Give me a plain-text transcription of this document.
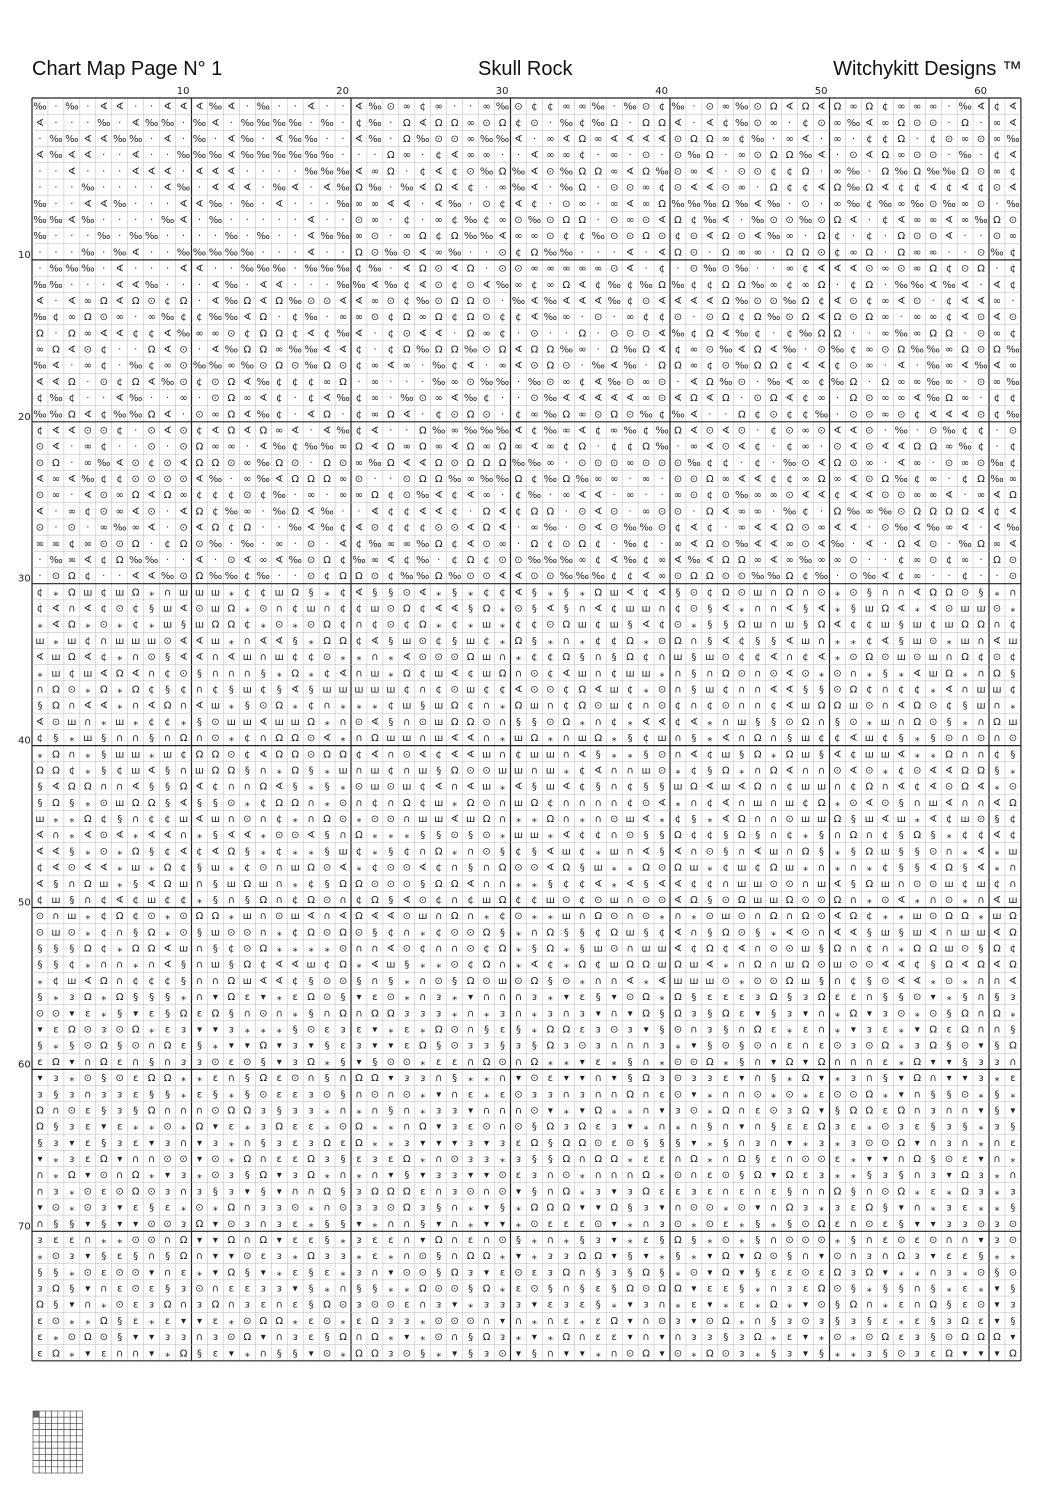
Chart Map Page N° 1	Skull Rock	Witchykitt Designs ™
‰ · ‰ · ∢ ∢ · · ∢ ∢ ∢ ‰ ∢ · ‰ · · ∢ · · ∢ ‰ ⊙ ∞ ¢ ∞ · · ∞ ‰ ⊙ ¢ ¢ ∞ ∞ ‰ · ‰ ⊙ ¢ ‰ · ⊙ ∞ ‰ ⊙ Ω ∢ Ω ∢ Ω ∞ Ω ¢ ∞ ∞ ∞ · ‰ ∢ ¢ ∢
∢ · · · ‰ · ∢ ‰ ‰ · ‰ ∢ · ‰ ‰ ‰ ‰ · ‰ · ¢ ‰ · Ω ∢ Ω Ω ∞ ⊙ Ω ¢ ⊙ · ‰ ¢ ‰ Ω · Ω Ω ∢ · ∢ ¢ ‰ ⊙ ∞ · ¢ ⊙ ∞ ‰ ∢ ∞ Ω ⊙ ⊙ · Ω · ∞ ∢
· ‰ ‰ ∢ ∢ ‰ ‰ · ∢ · ‰ · ∢ ‰ · ∢ ‰ ‰ · · ∢ ‰ · Ω ‰ ⊙ ⊙ ∞ ‰ ‰ ∢ · ∞ ∢ Ω ∞ ∢ ∢ ∢ ∢ ⊙ Ω Ω ∞ ¢ ‰ · ∞ ∢ · ∞ · ¢ ¢ Ω · ¢ ⊙ ∞ ⊙ ∞ ‰
∢ ‰ ∢ ∢ · · ∢ · · ‰ ‰ ‰ ∢ ‰ ‰ ‰ ‰ ‰ ‰ · · · Ω ∞ · ¢ ∢ ∞ ∞ · · ∢ ∞ ∞ ¢ · ∞ · ⊙ · ⊙ ‰ Ω · ∞ ⊙ Ω Ω ‰ ∢ · ⊙ ∢ Ω ∞ ⊙ ⊙ · ‰ · ¢ ∢
· · ∢ · · · ∢ ∢ ∢ · ∢ ∢ ∢ · · · · ‰ ‰ ‰ ∢ ∞ Ω · ¢ ∢ ¢ ⊙ ‰ Ω ‰ ∢ ⊙ ‰ Ω Ω ∞ ∢ Ω ‰ ⊙ ∞ ∢ · ⊙ ⊙ ¢ ¢ Ω · ∞ ‰ · Ω ‰ Ω ‰ ‰ Ω ⊙ ∞ ¢
· · · ‰ · · · · ∢ ‰ · ∢ ∢ ∢ · ‰ ∢ · ∢ ‰ Ω ‰ · ‰ ∢ Ω ∢ ¢ · ∞ ‰ ∢ · ‰ Ω · ⊙ ⊙ ∞ ¢ ⊙ ∢ ∢ ⊙ ∞ · Ω ¢ ¢ ∢ Ω ‰ Ω ∢ ¢ ¢ ∢ ¢ ∢ ¢ ⊙ ∢
‰ · · ∢ ∢ ‰ · · · ∢ ∢ ‰ · ‰ · ∢ · · · ‰ ∞ ∞ ∢ ∢ · ∢ ‰ · ⊙ ¢ ∢ ¢ · ⊙ ∞ · ∞ ∢ ∞ Ω ‰ ‰ ‰ Ω ‰ ∢ ‰ · ⊙ · ∞ ‰ ¢ ‰ ∞ ‰ ⊙ ‰ ∞ ⊙ · ‰
‰ ‰ ∢ ‰ · · · · ‰ ∢ · ‰ · · · · · ∢ · · ⊙ ∞ · ¢ · ∞ ¢ ‰ ¢ ∞ ⊙ ‰ ⊙ Ω Ω · ⊙ ∞ ⊙ ∢ Ω ¢ ‰ ∢ · ‰ ⊙ ⊙ ‰ ⊙ Ω ∢ · ¢ ∢ ∞ ∞ ∢ ∞ ‰ Ω ⊙
‰ · · · ‰ · ‰ ‰ · · · · ‰ · ‰ · · ∢ ‰ ‰ ∞ ⊙ · ∞ Ω ¢ Ω ‰ ‰ ∢ ∞ ∞ ⊙ ¢ ¢ ‰ ⊙ ⊙ Ω ⊙ ¢ ⊙ ∢ Ω ⊙ ∢ ‰ ∞ · Ω ¢ · ¢ · Ω ⊙ ⊙ ∢ · · ⊙ ∞
· · · ‰ · ‰ ∢ · · ‰ ‰ ‰ ‰ ‰ · · · ∢ · · Ω ⊙ ‰ ⊙ ∢ ∞ ‰ · · ⊙ ¢ Ω ‰ ‰ · · · ∢ · ∢ Ω ⊙ · Ω ∞ ∞ · Ω Ω ⊙ ¢ ∞ Ω · Ω ∞ ∞ · · ⊙ ‰ ¢
· ‰ ‰ ‰ · ∢ · · · ∢ ∢ · · ‰ ‰ ‰ · ‰ ‰ ‰ ¢ ‰ · ∢ Ω ⊙ ∢ Ω · ⊙ ⊙ ∞ ∞ ∞ ∞ ∞ ⊙ ∢ · ¢ · ⊙ ‰ ⊙ ‰ · · ∞ ¢ ∢ ∢ ∢ ⊙ ∞ ⊙ ∞ Ω ¢ ⊙ Ω · ¢
‰ ‰ · · · ∢ ∢ ‰ · · · ∢ ‰ · ∢ ∢ · · · ‰ ‰ ∢ ‰ ¢ ∢ ⊙ ¢ ⊙ ∢ ‰ ∞ ¢ ∞ Ω ∢ ¢ ‰ ¢ ‰ Ω ‰ ¢ ¢ Ω Ω ‰ ∞ ¢ ∞ Ω · ¢ Ω · ‰ ‰ ∢ ‰ ∢ · ∢ ¢
∢ · ∢ ∞ Ω ∢ Ω ⊙ ¢ Ω · ∢ ‰ Ω ∢ Ω ‰ ⊙ ⊙ ∢ ∢ ∞ ⊙ ¢ ‰ ⊙ Ω Ω ⊙ · ‰ ∢ ‰ ∢ ∢ ∢ ‰ ¢ ⊙ ∢ ∢ ∢ ∢ Ω ‰ ⊙ ⊙ ‰ Ω ¢ ∢ ⊙ ¢ ∞ ∢ ⊙ · ¢ ∢ ∢ ∞ ·
‰ ¢ ∞ Ω ⊙ ∞ · ∞ ‰ ¢ ¢ ‰ ‰ ∢ Ω · ¢ ‰ · ∞ ∞ ⊙ ¢ Ω ∞ Ω ¢ Ω ⊙ ¢ ¢ ∢ ‰ ∞ · ⊙ · ∞ ¢ ¢ ⊙ · ⊙ Ω ¢ Ω ‰ ⊙ Ω ∢ Ω ⊙ Ω ∞ · ∞ ∞ ¢ ∢ ⊙ ∢ ⊙
Ω · Ω ∞ ∢ ∢ ¢ ¢ ∢ ‰ ∞ ∞ ⊙ ¢ Ω Ω ¢ ∢ ¢ ‰ ∢ · ¢ ⊙ ∢ ∢ · Ω ∞ ¢ · ⊙ · · Ω · ⊙ ⊙ ⊙ ∢ ‰ ¢ Ω ∢ ‰ ¢ · ¢ ‰ Ω Ω · · ∞ ‰ ∞ Ω Ω · ⊙ ∞ ¢
∞ Ω ∢ ⊙ ¢ · · Ω ∢ ⊙ · ∢ ‰ Ω Ω ∞ ‰ ‰ ∢ ∢ ¢ · ¢ Ω ‰ Ω Ω ‰ ⊙ Ω ∢ Ω Ω ‰ ∞ · Ω ‰ Ω ∢ ¢ ∞ ⊙ ‰ ∢ Ω ∢ ‰ · ⊙ ‰ ¢ ∞ ⊙ Ω ‰ ‰ ∞ Ω ⊙ Ω ‰
‰ ∢ · ∞ ¢ · ‰ ¢ ∞ ⊙ ‰ ‰ ∞ ‰ ⊙ Ω ⊙ ‰ Ω ⊙ ¢ ∞ ∢ ∞ · ‰ ¢ ∢ · ∞ ∢ ⊙ Ω ⊙ · ‰ ∢ ‰ · Ω Ω ∞ ¢ ⊙ ‰ Ω Ω ¢ ∢ ∢ ¢ ⊙ ∞ · ∢ · ‰ ∞ ∢ ‰ ∢ ∞
∢ ∢ Ω · ⊙ ¢ Ω ∢ ‰ ⊙ ¢ ⊙ Ω ∢ ‰ ¢ ¢ ¢ ∞ Ω · ∞ · · · ‰ ∞ ⊙ ‰ ‰ · ‰ ⊙ ∞ ¢ ∢ ‰ ⊙ ∞ ⊙ · ∢ Ω ‰ ⊙ · ‰ ∢ ∞ ¢ ‰ Ω · Ω ∞ ∞ ‰ ∞ · ⊙ ∞ ‰
¢ ‰ ¢ · · ∢ ‰ · · ∞ · ⊙ Ω ∞ ∢ ¢ · ¢ ∢ ‰ ¢ ∞ · ‰ ⊙ ∞ ∢ ‰ ¢ · · ⊙ ‰ ∢ ∢ ∢ ∢ ∢ ∞ ⊙ ∢ Ω ∢ Ω · ⊙ Ω ∢ ¢ ∞ · Ω ⊙ ∞ ∞ ∢ ‰ Ω ∞ · ¢ ¢
‰ ‰ Ω ∢ ¢ ‰ ‰ Ω ∢ · ⊙ ∞ Ω ∢ ‰ ¢ · ∢ Ω · ¢ ∞ Ω ∢ · ¢ ⊙ Ω ⊙ · ¢ ∞ ‰ Ω ∞ ⊙ Ω ⊙ ‰ ¢ ‰ ∢ · · Ω ¢ ⊙ ¢ ¢ ‰ · ⊙ ⊙ ∞ ⊙ ¢ ∢ ∢ ∢ ⊙ ¢ ‰
¢ ∢ ∢ ⊙ ⊙ ¢ · ⊙ ∢ ⊙ ¢ ∢ Ω ∢ Ω ∞ ∢ · ∢ ‰ ¢ ∢ · · Ω ‰ ∞ ‰ ‰ ‰ ∢ ¢ ‰ ∞ ∢ ¢ ∞ ‰ ¢ ‰ Ω ∢ ⊙ ∢ ⊙ · ¢ ⊙ ∞ ⊙ ∢ ∢ ⊙ · ‰ · ⊙ ‰ ¢ ¢ · ⊙
⊙ ∢ · ∞ ¢ · · ⊙ · ⊙ Ω ∞ ∞ · ∢ ‰ ¢ ‰ ‰ ∞ Ω ∢ Ω ∞ Ω ∞ ∢ Ω ∞ Ω ∞ ∢ ∞ ¢ Ω · ¢ ¢ Ω ‰ · ∞ ∢ ⊙ ∢ ¢ · ¢ ∞ · ⊙ ∢ ⊙ ∢ ∢ Ω Ω ∞ ‰ ¢ · ¢
⊙ Ω · ∞ ‰ ∢ ⊙ ¢ ⊙ ∢ Ω Ω ⊙ ∞ ‰ Ω ⊙ · Ω ⊙ ∞ ‰ Ω ∢ ∢ Ω ⊙ Ω Ω Ω ‰ ‰ ∞ · ⊙ ⊙ ⊙ ∞ ⊙ ⊙ ⊙ ‰ ¢ ¢ · ¢ · ‰ ⊙ ∢ Ω ⊙ ∞ · ∢ ∞ · ⊙ ∞ ⊙ ‰ ¢
∢ ∞ ∢ ‰ ¢ ¢ ⊙ ⊙ ⊙ ⊙ ∢ ‰ · ∞ ‰ ∢ Ω Ω Ω ∞ ⊙ · · ⊙ Ω Ω ‰ ∞ ‰ ‰ Ω ¢ ‰ Ω ‰ ∞ ∞ · ∞ · ⊙ ⊙ Ω ∞ ∢ ∢ ¢ ¢ ∞ Ω ∞ ∢ ⊙ Ω ‰ ¢ ∞ · ¢ Ω ‰ ∞
⊙ ∞ · ∢ ⊙ ∞ Ω ∢ Ω ∞ ¢ ¢ ¢ ⊙ ¢ ‰ · ∞ · ∞ ∞ Ω ¢ ⊙ ‰ ∢ ¢ ∢ ∞ · ¢ ‰ · ∞ ∢ ∢ · ∞ · · ∞ ⊙ ¢ ⊙ ‰ ∞ ∞ ⊙ ∢ ∢ ¢ ∢ ∢ ⊙ ⊙ ∞ ∞ ∢ · ∞ ∢ Ω
∢ · ∞ ¢ ⊙ ∞ ∢ ⊙ · ∢ Ω ¢ ‰ ∞ · ‰ Ω ∢ ‰ · · ∢ ¢ ¢ ∢ ∢ ¢ · Ω ∢ ¢ Ω Ω · ⊙ ∢ ⊙ · ∞ ⊙ ⊙ · Ω ∢ ∞ ∞ · ‰ ¢ · Ω ‰ ∞ ‰ ⊙ Ω Ω Ω Ω ∢ ¢ ∢
⊙ · ⊙ · ∞ ‰ ∞ ∢ · ⊙ ∢ Ω ¢ Ω · · ‰ ∢ ‰ ¢ ∢ ⊙ ¢ ¢ ¢ ⊙ ⊙ ∢ Ω ∢ · ∞ ‰ · ⊙ ∢ ⊙ ‰ ‰ ⊙ ¢ ∢ ¢ · ∞ ∢ ∢ Ω ⊙ ∞ ∢ ∢ · ⊙ ‰ ∢ ‰ ∞ ∢ · ∢ ‰
∞ ∞ ¢ ∞ ⊙ ⊙ Ω · ¢ Ω ⊙ ‰ · ‰ · ∞ · ⊙ · ∢ ¢ ‰ ∞ ∞ ‰ Ω ¢ ∢ ⊙ ∞ · Ω ¢ ⊙ Ω ¢ · ‰ ¢ · ∞ ∢ Ω ⊙ ‰ ∢ ∢ ∞ ⊙ ∢ ‰ · ∢ · Ω ∢ ⊙ · ‰ Ω ∞ ∢
· ‰ ∞ ∢ ¢ Ω ‰ ‰ · · ∢ · ⊙ ∢ ∞ ∢ ‰ ⊙ Ω ¢ ‰ ∞ ∢ ¢ ‰ · ¢ Ω ¢ ⊙ ⊙ ‰ ‰ ‰ ∞ ¢ ∢ ‰ ¢ ∞ ∢ ‰ ∢ Ω Ω ∞ ∢ ∞ ‰ ∞ ∞ ⊙ · · ¢ ∞ ⊙ ¢ ∞ · Ω ⊙
· ⊙ Ω ¢ · · ∢ ∢ ‰ ⊙ Ω ‰ ‰ ¢ ‰ · · ⊙ ¢ Ω Ω ⊙ ¢ ‰ ‰ Ω ‰ ⊙ ⊙ ∢ ∢ ⊙ ⊙ ‰ ‰ ‰ ¢ ¢ ∢ ∞ ⊙ Ω Ω ⊙ ⊙ ‰ ‰ Ω ¢ ‰ · ⊙ ‰ ∢ ¢ ∞ · · ¢ · · ⊙
¢ ⁎ Ω ш ¢ ш Ω ⁎ ∩ ш ш ш ⁎ ¢ ¢ ш Ω § ⁎ ¢ ∢ § § ⊙ ∢ ⁎ § ⁎ ¢ ¢ ∢ § ⁎ § ⁎ Ω ш ∢ ¢ ∢ § ⊙ ¢ Ω ⊙ ш ∩ Ω ∩ ⊙ ⁎ ⊙ § ∩ ∩ ∢ Ω Ω ⊙ § ⁎ ∩
¢ ∢ ∩ ∢ ¢ ⊙ ¢ § ш ∢ ⊙ ш Ω ⁎ ⊙ ∩ ¢ ш ∩ ¢ ¢ ш ⊙ Ω ¢ ∢ ∢ § Ω ⁎ ⊙ § ∢ § ∩ ∢ ¢ ш ш ∩ ¢ ⊙ § ∢ ⁎ ∩ ∩ ∢ § ∢ ⁎ § ш Ω ∢ ⁎ ∢ ⊙ ш ш ⊙ ⁎
⁎ ∢ Ω ⁎ ⊙ ⁎ ¢ ⁎ ш § ш Ω Ω ¢ ⁎ ⊙ ⁎ ⊙ Ω ¢ ∩ ¢ ⊙ ¢ Ω ⁎ ¢ ⁎ ш ⁎ ¢ ¢ ⊙ Ω ш ¢ ш § ∢ ¢ ⊙ ⁎ § § Ω ш ∩ ш § Ω ∢ ¢ ¢ ш § ш ¢ ш Ω Ω ∩ ¢
ш ⁎ ш ¢ ∩ ш ш ш ⊙ ∢ ∢ ш ⁎ ∩ ∢ ∢ § ⁎ Ω Ω ¢ ∢ § ш ⊙ ¢ § ш ¢ ⁎ Ω § ⁎ ∩ ⁎ ¢ ¢ Ω ⁎ ⊙ Ω ∩ § ∢ ¢ § § ∢ ш ∩ ⁎ ⁎ ¢ ∢ § ш ⊙ ⁎ ш ∩ ∢ ш
∢ ш Ω ∢ ¢ ⁎ ∩ ⊙ § ∢ ∢ ∩ ∢ ш ∩ ш ¢ ¢ ⊙ ⁎ ⁎ ∩ ⁎ ∢ ⊙ ⊙ ⊙ Ω ш ∩ ⁎ ¢ ¢ Ω § ∩ § Ω ¢ ∩ ш § ш ⊙ ¢ ¢ ∢ ∩ ¢ ∢ ⁎ ⊙ Ω ⊙ ш ⊙ ш ∩ Ω ¢ ⊙ ¢
⁎ ш ¢ ш ∢ Ω ∢ ∩ ¢ ⊙ § ∩ ∩ ∩ § ⁎ Ω ⁎ ¢ ∢ ∩ ш ⁎ Ω ¢ ш ∢ ¢ ш Ω ∩ ⊙ ¢ ∢ ш ∩ ¢ ш ш ⁎ ∩ § ∩ Ω ⊙ ∩ ⊙ ∢ ⊙ ⁎ ⊙ ∩ ⁎ § ⁎ ∢ ш Ω ⁎ ∩ Ω §
∩ Ω ⊙ ⁎ Ω ⁎ Ω ¢ § ¢ ∩ ¢ § ш ¢ § ∢ § ш ш ш ш ш ¢ ∩ ¢ ⊙ ш ¢ ¢ ∢ ⊙ ⊙ ¢ Ω ∢ ш ¢ ⁎ ⊙ ∩ § ш ¢ ∩ ∩ ∢ ∢ § § ⊙ Ω ¢ ∩ ¢ ¢ ⁎ ∢ ∩ ш ш ¢
§ Ω ∩ ∢ ∢ ⁎ ∩ ∢ Ω ∩ ∢ ш ⁎ § ⊙ Ω ⁎ ¢ ∩ ⁎ ⁎ ⁎ ¢ ш § ш Ω ¢ ∩ ⁎ Ω ш ∩ ¢ Ω ⊙ ш ¢ ∩ ⊙ ¢ ∩ ¢ ⊙ ∩ ∩ ¢ ∢ ш Ω Ω ш ⊙ ∩ ∢ Ω ⊙ ¢ § ш ∩ ⁎
∢ ⊙ ш ∩ ⁎ ш ⁎ ¢ ¢ ⁎ § ⊙ ш ш ∢ ш ш Ω ⁎ ∩ ⊙ ∢ § ∩ ⊙ ш Ω Ω ⊙ ∩ § § ⊙ Ω ⁎ ∩ ¢ ⁎ ∢ ∢ ¢ ∢ ⁎ ∩ ш § § ⊙ Ω ∩ § ⊙ ⁎ ш ∩ Ω ⊙ § ⁎ ∩ Ω ш
¢ § ⁎ ш § ∩ ∩ § ∩ Ω ∩ ⊙ ⁎ ¢ ∩ Ω Ω ⊙ ∢ ⁎ ∩ Ω ш ш ∩ ш ∢ ∢ ∩ ⁎ ш Ω ⁎ ∩ ш Ω ⁎ § ¢ ш ∩ § ⁎ ∢ ∩ Ω ∩ § ш ¢ ¢ ∢ ш ¢ § ⁎ § ⊙ ∩ ⊙ ∩ ⊙
⁎ Ω ∩ ⁎ § ш ш ⁎ ш ¢ Ω Ω ⊙ ¢ ∢ Ω Ω ⊙ Ω Ω ¢ ∢ ∩ ⊙ ∢ ¢ ∢ ∢ ш ∩ ¢ ш ш ∩ ∢ § ⁎ ⁎ § ⊙ ∩ ∢ ¢ ш § Ω ⁎ Ω ш § ∢ ¢ ш ш ∢ ⁎ ⁎ Ω ∩ ∩ ¢ §
Ω Ω ¢ ⁎ § ¢ ш ∢ § ∩ ш Ω Ω § ∩ ⁎ Ω § ⁎ ш ∩ ш ¢ ∩ ш § Ω ⊙ ⊙ ш ш ∩ ш ⁎ ¢ ∢ ∩ ∩ ш ⊙ ⁎ ¢ § Ω ⁎ ∩ Ω ∢ ∩ ∩ ⊙ ∢ ⊙ ⁎ ¢ ⊙ ∢ ∢ Ω Ω § ⁎
§ ∢ Ω Ω ∩ ∩ ∢ § § Ω ∢ ¢ ∩ ∩ Ω ∢ § ⁎ § ⁎ ⊙ ш ⊙ ш ¢ ∢ ∩ ∢ ш ⁎ ∢ § ш ∢ ¢ § ∩ ¢ § § ш Ω ∢ ш ∢ Ω ∩ ¢ ш ш ∩ ¢ Ω ∩ ∢ ¢ ∢ ⊙ Ω ∢ ⁎ ⊙
§ Ω § ⁎ ⊙ ш Ω Ω § ∢ § § ⊙ ⁎ ¢ Ω Ω ∩ ⁎ ⊙ ∩ ¢ ∩ Ω ¢ ш ⁎ Ω ⊙ ∩ ш Ω ¢ ∩ ∩ ∩ ∩ ¢ ⊙ ∢ ⁎ ∩ ¢ ∢ ∩ ш ∩ ш ¢ Ω ⁎ ⊙ ∢ ⊙ § ∩ ш ∢ ∩ ∩ ∢ Ω
ш ⁎ ⁎ Ω ¢ § ∩ ¢ ¢ ш ∢ ш ∩ ⊙ ∩ ¢ ⁎ ∩ Ω ⊙ ⁎ ⊙ ⊙ ∩ ш ш ∢ ш Ω ∩ ⁎ ⁎ Ω ∩ ⁎ ∩ ⊙ ш ∢ ⁎ ¢ § ⁎ ∢ Ω ∩ ∩ ⊙ ш ш Ω § ш ∢ ш ⁎ ∢ ¢ ш ⊙ § ¢
∢ ∩ ⁎ ∢ ⊙ ∢ ⁎ ∢ ∢ ∩ ⁎ § ∢ ∢ ⁎ ⊙ ⊙ ∢ § ∩ Ω ⁎ ⁎ ⁎ § § ⊙ § ⊙ ⁎ ш ш ⁎ ∢ ¢ ¢ ∩ ⊙ § § Ω ¢ ¢ § Ω § ∩ ¢ ⁎ § ∩ Ω ∩ ¢ § Ω § ⁎ ¢ ¢ ∢ ¢
∢ ∢ § ⁎ ⊙ ⁎ Ω § ¢ ∢ ¢ ∢ Ω § ⁎ ¢ ⁎ ⁎ § ш ¢ ⁎ § ¢ ∩ Ω ⁎ ∩ ⊙ § ¢ § ∢ ш ¢ ⁎ ш ∩ ∢ § ∢ ∩ ⊙ § ∩ ∢ ш ∩ Ω § ⁎ § Ω ш § § ⊙ ∩ ⁎ ∢ ⁎ ш
¢ ∢ ⊙ ∢ ∢ ⁎ ш ⁎ Ω ¢ § ш ⁎ ¢ ⊙ ∩ ш Ω ⊙ ∢ ⁎ ¢ ⊙ ⊙ ∢ ¢ ∩ § ∩ Ω ⊙ ⊙ ∢ Ω § ш ⁎ ⁎ Ω ⊙ Ω ш ⁎ ¢ ш ¢ Ω ш ⁎ ∩ ⁎ ∩ ⁎ ¢ § § ∢ Ω § ∢ ⁎ ∩
∢ § ∩ Ω ш ⁎ § ∢ Ω ш ∩ § ш Ω ш ∩ ⁎ ¢ § Ω Ω ⊙ ⊙ ⊙ § Ω Ω ∢ ∩ ∩ ⁎ ⁎ § ¢ ¢ ∢ ⁎ ∢ § ∢ ∢ ¢ ¢ ∩ ш ш ⊙ ⊙ ∩ ш ∢ § Ω ш ∩ ⊙ ⊙ ш ¢ ш ¢ ∩
¢ ш § ∩ ¢ ∢ ¢ ш ¢ ¢ ⁎ § ∩ § Ω ∩ ¢ Ω ⊙ ∩ ¢ Ω § ∢ ⊙ ¢ ∩ ¢ ш Ω ¢ ¢ ш ⊙ ¢ ⊙ ш ∩ ⊙ ⊙ ∢ Ω § ⊙ Ω ш ш Ω ⊙ ⊙ Ω ∩ ⁎ ⊙ ∢ ⁎ ∩ ⊙ ⁎ ∩ ∢ ш
⊙ ∩ ш ⁎ ¢ Ω ¢ ⊙ ⁎ ⊙ Ω Ω ⁎ ш ∩ ⊙ ш ∢ ∩ ∢ Ω ∢ ∢ ⊙ ш ∩ Ω ∩ ⁎ ¢ ⊙ ⁎ ⁎ ш ∩ Ω ⊙ ∩ ⊙ ⁎ ∩ ⁎ ⊙ ш ⊙ ∩ Ω ∩ Ω ⊙ ∢ Ω ¢ ⁎ ⁎ ш ⊙ Ω Ω ⁎ ш Ω
⊙ ш ⊙ ⁎ ¢ ∩ § Ω ⁎ ⊙ § ш ⊙ ⊙ ∩ ⁎ ¢ Ω ⊙ Ω ⊙ § ¢ ∩ ⁎ ¢ ⊙ ⊙ Ω § ⁎ ∩ Ω § § ¢ Ω ш § ¢ ∢ ∩ § Ω ⊙ § ⁎ ∢ ⊙ ∩ ∢ ∢ § ш § ш ∢ ∩ ш ш ∢ Ω
§ § § Ω ¢ ⁎ Ω Ω ∢ ш ∩ § ¢ ⊙ Ω ⁎ ⁎ ⁎ ⁎ ⊙ ∩ ∩ ∢ ⊙ ¢ ∩ ∩ ⊙ ¢ Ω ⁎ § Ω ⁎ § ш ⊙ ∩ ш ш ∢ ¢ Ω ¢ ∢ ∩ ⊙ ⊙ ш § Ω ∩ ¢ ∩ ⁎ Ω Ω ш ⊙ § Ω ¢
§ § ¢ ⁎ ∩ ∩ ⁎ ∩ ∢ § ∩ ш § Ω ¢ ∢ ∢ ш ¢ Ω ⁎ ∢ ш § ⁎ ⁎ ⊙ ¢ Ω ∩ ⁎ ∢ ¢ ⁎ Ω ¢ ш Ω Ω ш Ω ш ∢ ⁎ ∩ Ω ∩ ш Ω ⊙ ш ⊙ ⊙ ∢ ∢ ¢ § Ω ∢ Ω ∢ Ω
⁎ ¢ ш ∢ Ω ∩ ¢ ¢ ¢ § ∩ ∩ Ω ш ∢ ∢ ¢ § ⊙ ⊙ § ∩ § ⁎ ∩ ⊙ § Ω ⊙ ш ⊙ Ω § ⊙ ⁎ ∩ ∩ ∢ ⁎ ∢ ш ш ш ⊙ ⁎ ⊙ ⊙ Ω ш § ∩ ¢ § ⊙ ∢ ∢ ⁎ ⊙ ⁎ ∩ ∩ ∢
§ ⁎ ᴈ Ω ⁎ Ω § § § ⁎ ∩ ▾ Ω ε ▾ ⁎ ε Ω ⊙ § ▾ ε ⊙ ⁎ ∩ ᴈ ⁎ ▾ ∩ ∩ ∩ ᴈ ⁎ ▾ ε § ▾ ⊙ Ω ⁎ Ω § ε ε ε ᴈ Ω § ᴈ Ω ε ε ∩ § § ⊙ ▾ ⁎ § ∩ § ᴈ
⊙ ⊙ ▾ ε ⁎ § ▾ ε § Ω ε Ω § ∩ ⊙ ∩ ⁎ § ∩ Ω ∩ Ω Ω ᴈ ᴈ ᴈ ⁎ ∩ ⁎ ᴈ ∩ ⁎ ᴈ ∩ ᴈ ▾ ∩ ▾ Ω § Ω ᴈ § Ω ε ▾ § ᴈ ▾ ∩ ⁎ Ω ▾ ᴈ ⊙ ⁎ ⊙ § Ω ∩ Ω ⁎
▾ ε Ω ⊙ ᴈ ⊙ Ω ⁎ ε ᴈ ▾ ▾ ᴈ ⁎ ⁎ ⁎ § ⊙ ε ᴈ ε ▾ ⁎ ε ⁎ Ω ⊙ ∩ § ε § ⁎ Ω Ω ε ᴈ ⊙ ᴈ ▾ § ⊙ ∩ ᴈ § ∩ Ω ε ⁎ ε ∩ ⁎ ▾ ᴈ ε ⁎ ▾ Ω ε Ω ∩ ∩ §
§ ⁎ § ⊙ Ω § ⊙ ∩ Ω ε § ⁎ ▾ ▾ Ω ▾ ᴈ ▾ § ε ᴈ ▾ ▾ ε Ω § ⊙ ᴈ ᴈ § ᴈ § Ω ᴈ ⊙ ᴈ ∩ ∩ ∩ ᴈ ⁎ ▾ § ⊙ § ⊙ ∩ ε ∩ ε ⊙ ᴈ ⊙ Ω ⁎ ᴈ Ω § ⊙ ▾ § Ω
ε Ω ▾ ∩ Ω ε ∩ § ∩ ᴈ ᴈ ⊙ ε ⊙ § ▾ ᴈ Ω ⁎ § ▾ § ⊙ ⊙ ⁎ ε ε ∩ Ω ⊙ ∩ Ω ⁎ ⁎ ▾ ε ⁎ § ∩ ⁎ ⊙ ⊙ Ω ⁎ § ∩ ▾ Ω ▾ Ω ∩ ∩ ∩ ε ⁎ Ω ▾ ▾ § ᴈ ᴈ ∩
▾ ᴈ ⁎ ⊙ § ⊙ ε Ω Ω ⁎ ⁎ ε ∩ § Ω ε ⊙ ∩ § ∩ Ω Ω ▾ ᴈ ᴈ ∩ § ⁎ ⁎ ∩ ▾ ⊙ ε ▾ ▾ ∩ ▾ § Ω ᴈ ⊙ ᴈ ᴈ ε ▾ ∩ § ⁎ Ω ▾ ⁎ ᴈ ∩ § ▾ Ω ∩ ▾ ▾ ᴈ ⁎ ε
ᴈ § ᴈ ∩ ᴈ ᴈ ε § § ⁎ ε § ⁎ § ⊙ ε ε ᴈ ⊙ § ∩ ⊙ ∩ ⊙ ⁎ ▾ ∩ ε ⁎ ε ⊙ ᴈ ᴈ ∩ ᴈ ∩ ∩ Ω ∩ ε ⊙ ▾ ⁎ ∩ ∩ ⊙ ⁎ ⊙ ⁎ ε ⊙ ⊙ Ω ⁎ ▾ ∩ § § ⊙ ⁎ § ⁎
Ω ∩ ⊙ ε § ᴈ § Ω ∩ ∩ ∩ ⊙ Ω Ω ᴈ § ᴈ ᴈ ⁎ ∩ ⁎ ∩ § ∩ ⁎ ᴈ ᴈ ▾ ∩ ∩ ∩ ⊙ ▾ ⁎ ▾ Ω ⁎ ⁎ ∩ ▾ ᴈ ⊙ ⁎ Ω ∩ ε ⊙ ᴈ Ω ▾ § Ω Ω ε Ω ∩ ᴈ ∩ ∩ ▾ § ▾
Ω § ᴈ ε ▾ ε ⁎ ⁎ ⊙ ⁎ Ω ▾ ε ⁎ ᴈ Ω ε ε ⁎ ⊙ Ω ⁎ ⁎ ∩ Ω ▾ ᴈ ε ⊙ ∩ ⊙ § Ω ᴈ Ω ε ᴈ ▾ ⁎ ∩ ⁎ ∩ § ∩ ▾ ∩ § ε ε Ω ᴈ ε ⁎ ⊙ ᴈ ε § ᴈ § ⁎ ᴈ §
§ ᴈ ▾ ε § ᴈ ε ▾ ᴈ ∩ ▾ ᴈ ⁎ ∩ § ᴈ ε ᴈ Ω ε Ω ⁎ ⁎ ᴈ ▾ ▾ ▾ ᴈ ▾ ᴈ ε Ω § Ω Ω ⊙ ε ⊙ § § § ▾ ⁎ § ∩ ᴈ ∩ ▾ ⁎ ᴈ ⁎ ᴈ ⊙ ⊙ Ω ▾ ∩ ᴈ ∩ ⁎ ∩ ε
▾ ⁎ ᴈ ε Ω ▾ ∩ ∩ ⊙ ⊙ ▾ ⊙ ⁎ Ω ∩ ε ε Ω ᴈ § ε ᴈ ε Ω ⁎ ∩ ⊙ ᴈ ᴈ ⁎ ᴈ § § Ω ∩ Ω Ω ⁎ ε ε ∩ Ω ⁎ ∩ Ω § ε ∩ ⊙ ⊙ ε ⁎ ▾ ▾ ∩ Ω § ⊙ ε ▾ ∩ ⁎
∩ ⁎ Ω ▾ ⊙ ∩ Ω ⁎ ▾ ᴈ ⁎ ⊙ ᴈ § Ω ▾ ᴈ Ω ⁎ ∩ ⁎ ∩ ▾ § ▾ ᴈ ᴈ ▾ ▾ ⊙ ε ᴈ ∩ ⊙ ⁎ ∩ ∩ ∩ Ω ⁎ ⊙ ∩ ε ⊙ § Ω ▾ Ω ε ᴈ ⁎ ⁎ § ᴈ § ∩ ᴈ ▾ Ω ᴈ ⁎ ∩
∩ ᴈ ⁎ ⊙ ε ⊙ Ω ⊙ ᴈ ∩ ᴈ § ᴈ ▾ § ▾ ∩ ∩ Ω § ᴈ Ω Ω Ω ε ∩ ᴈ ⊙ ∩ ⊙ ▾ § ∩ Ω ⁎ ᴈ ▾ ᴈ Ω ε ε ᴈ ε ∩ ε ∩ ε § ∩ ∩ Ω § ∩ ⊙ Ω ⁎ ε ⁎ Ω ᴈ ⁎ ᴈ
▾ ⊙ ⁎ ⊙ ᴈ ▾ ε § ε ⁎ ⊙ ⁎ Ω ∩ ᴈ ᴈ ⊙ ⁎ ∩ ⊙ ᴈ ᴈ ⊙ Ω ᴈ § ∩ ⁎ ▾ § ⁎ Ω Ω Ω ▾ ▾ Ω § ᴈ ▾ ∩ ⊙ ⊙ ⁎ ⊙ ▾ ∩ Ω ᴈ ⁎ ᴈ ε Ω § ▾ ∩ ⁎ ᴈ ε ⁎ ⁎ §
∩ § § ▾ § ▾ ▾ ⊙ ⊙ ᴈ Ω ▾ ⊙ ᴈ ∩ ᴈ ε ⁎ § § ▾ ⁎ ∩ ∩ § ▾ ∩ ⁎ ▾ ▾ ⁎ ⊙ ε ε ε ⊙ ▾ ⁎ ∩ ᴈ ⊙ ⁎ ⊙ ε ⁎ § ⁎ § ⊙ Ω ε ∩ ⊙ ε § ▾ ▾ ᴈ ᴈ ⊙ ᴈ ⊙
ᴈ ε ε ∩ ⁎ ⁎ ⊙ ⊙ ∩ Ω ▾ ▾ Ω ∩ Ω ▾ ε ε § ⁎ ᴈ ε ε ∩ ▾ Ω ∩ ε ∩ ⊙ § ⁎ ∩ ⁎ § ᴈ ▾ ⁎ ε § Ω § ⁎ ⊙ ⁎ § ∩ ⊙ ⊙ ⊙ ⁎ § ∩ ε ⊙ ε ⊙ ∩ ∩ ▾ ᴈ ⊙
⁎ ⊙ ᴈ ▾ § ε § ∩ § Ω ∩ ▾ ▾ ⊙ ε ᴈ ⁎ Ω ᴈ ᴈ ⁎ ε ⁎ ∩ ⊙ § ∩ Ω Ω ⁎ ▾ ⁎ ᴈ ᴈ Ω Ω ▾ § ▾ ⁎ § ⁎ ▾ Ω ▾ Ω ⊙ § ∩ ▾ ⊙ ∩ ᴈ ∩ Ω ᴈ ▾ ε ε § ⁎ ⁎
§ § ⁎ ⊙ ε ⊙ ⊙ ▾ ∩ ε ⁎ ▾ Ω § ▾ ⁎ ε § ε ⁎ ᴈ ∩ ▾ ⊙ ⊙ § Ω ᴈ ▾ ε ⊙ ε ᴈ Ω ∩ § ᴈ § Ω § ⁎ ⊙ ▾ Ω ▾ § ε ε ⊙ ε Ω ᴈ Ω ▾ ⁎ ⁎ ∩ ᴈ ⁎ ⊙ § ⊙
ᴈ Ω § ▾ ∩ ε ⊙ ε § ᴈ ⊙ ∩ ε ε ᴈ ᴈ ▾ § ⁎ ∩ § § ⁎ ⁎ Ω ⊙ ⊙ § Ω ⁎ ε ⊙ § ∩ § ε § Ω ⊙ Ω Ω ▾ ε ε § ⁎ ∩ ᴈ ε Ω ⊙ § ⁎ § § ∩ § ⁎ ε ⁎ ▾ §
Ω § ▾ ∩ ⁎ ⊙ ε ᴈ Ω ∩ ᴈ Ω ∩ ᴈ ε ∩ ε § Ω ⊙ ᴈ ⊙ ⊙ ε ∩ ᴈ ▾ ⁎ ᴈ ᴈ ᴈ ▾ ε ᴈ ε § ⁎ ▾ ᴈ ∩ ⁎ ε ▾ ⁎ ε ⁎ Ω ⁎ ▾ ⊙ § Ω ∩ ⁎ ε ∩ Ω § ε ⊙ ▾ ᴈ
ε ⊙ ⁎ ⁎ Ω § ε ⁎ ε ▾ ▾ ε ⁎ ⊙ Ω Ω ⁎ ε ⊙ ⁎ ε Ω ᴈ ᴈ ⁎ ⊙ ⊙ ⊙ ∩ ▾ ∩ ⁎ ∩ ε ⁎ ε Ω ▾ ∩ ⊙ ᴈ ▾ ⊙ Ω ⁎ ∩ § ᴈ ⊙ ᴈ § ᴈ § ε ⁎ ε § ᴈ Ω ε ▾ §
ε ⁎ ⊙ Ω ⊙ § ▾ ▾ ᴈ ᴈ ∩ ᴈ ⊙ Ω ▾ ∩ ᴈ ε § Ω ∩ Ω ⁎ ▾ ⁎ ⊙ ∩ § Ω ᴈ ⁎ ▾ ⁎ Ω ∩ ε ε ▾ ∩ ▾ ∩ ᴈ ᴈ § ᴈ Ω ⁎ ε ▾ ⁎ ⊙ ⁎ ⊙ Ω ε ᴈ § ⊙ Ω Ω Ω ▾
ε Ω ⁎ ▾ ε ∩ ∩ ▾ ⁎ Ω § ε ▾ ⁎ ∩ § § ▾ ⊙ ⁎ Ω Ω ᴈ ⊙ § ⁎ ▾ § ᴈ ⊙ ▾ § ∩ ▾ ▾ ⁎ ∩ ⊙ Ω ▾ ⊙ ⁎ Ω ⊙ ᴈ ⁎ § ᴈ ▾ § ⁎ ⁎ ᴈ § ⊙ ᴈ ε Ω ▾ ▾ ▾ Ω
10	20	30	40	50	60
10
20
30
40
50
60
70
